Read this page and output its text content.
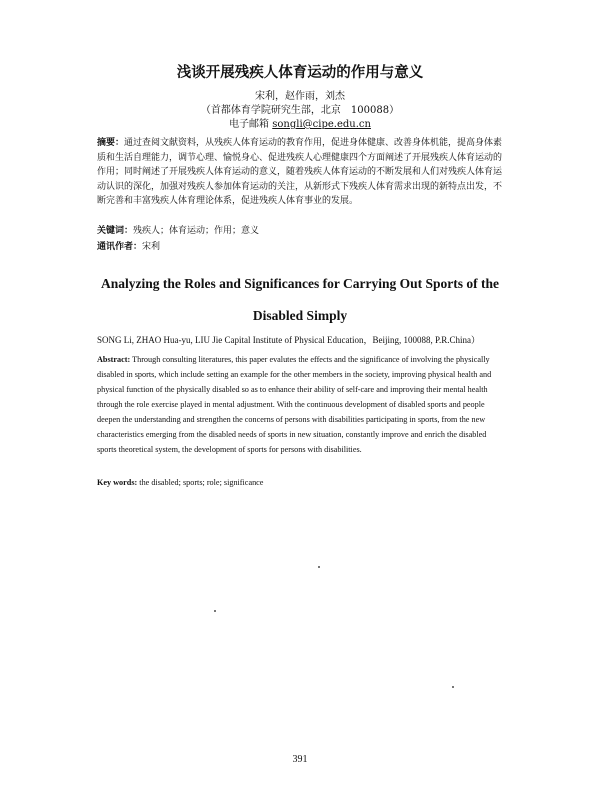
浅谈开展残疾人体育运动的作用与意义
宋利，赵作雨，刘杰
（首都体育学院研究生部，北京　100088）
电子邮箱 songli@cipe.edu.cn

摘要：通过查阅文献资料，从残疾人体育运动的教育作用，促进身体健康、改善身体机能，提高身体素质和生活自理能力，调节心理、愉悦身心、促进残疾人心理健康四个方面阐述了开展残疾人体育运动的作用；同时阐述了开展残疾人体育运动的意义，随着残疾人体育运动的不断发展和人们对残疾人体育运动认识的深化，加强对残疾人参加体育运动的关注，从新形式下残疾人体育需求出现的新特点出发，不断完善和丰富残疾人体育理论体系，促进残疾人体育事业的发展。

关键词：残疾人；体育运动；作用；意义
通讯作者：宋利
Analyzing the Roles and Significances for Carrying Out Sports of the
Disabled Simply
SONG Li, ZHAO Hua-yu, LIU Jie Capital Institute of Physical Education，Beijing, 100088, P.R.China）

Abstract: Through consulting literatures, this paper evalutes the effects and the significance of involving the physically disabled in sports, which include setting an example for the other members in the society, improving physical health and physical function of the physically disabled so as to enhance their ability of self-care and improving their mental health through the role exercise played in mental adjustment. With the continuous development of disabled sports and people deepen the understanding and strengthen the concerns of persons with disabilities participating in sports, from the new characteristics emerging from the disabled needs of sports in new situation, constantly improve and enrich the disabled sports theoretical system, the development of sports for persons with disabilities.

Key words: the disabled; sports; role; significance
391
